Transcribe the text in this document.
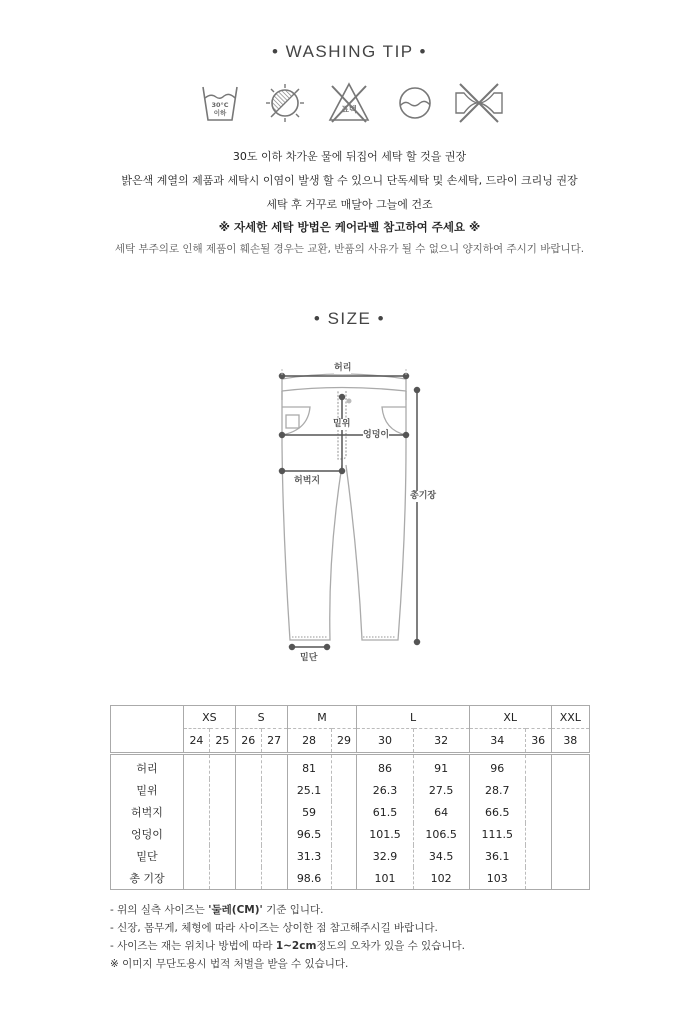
• WASHING TIP •
30°C
이하	표백
30도 이하 차가운 물에 뒤집어 세탁 할 것을 권장
밝은색 계열의 제품과 세탁시 이염이 발생 할 수 있으니 단독세탁 및 손세탁, 드라이 크리닝 권장
세탁 후 거꾸로 매달아 그늘에 건조
※ 자세한 세탁 방법은 케어라벨 참고하여 주세요 ※
세탁 부주의로 인해 제품이 훼손될 경우는 교환, 반품의 사유가 될 수 없으니 양지하여 주시기 바랍니다.
• SIZE •
허리
밑위
엉덩이
허벅지
총기장
밑단
	XS		S		M		L		XL		XXL
	24	25	26	27	28	29	30	32	34	36	38
허리					81		86	91	96		
밑위					25.1		26.3	27.5	28.7		
허벅지					59		61.5	64	66.5		
엉덩이					96.5		101.5	106.5	111.5		
밑단					31.3		32.9	34.5	36.1		
총 기장					98.6		101	102	103		
- 위의 실측 사이즈는 '둘레(CM)' 기준 입니다.
- 신장, 몸무게, 체형에 따라 사이즈는 상이한 점 참고해주시길 바랍니다.
- 사이즈는 재는 위치나 방법에 따라 1~2cm정도의 오차가 있을 수 있습니다.
※ 이미지 무단도용시 법적 처벌을 받을 수 있습니다.
